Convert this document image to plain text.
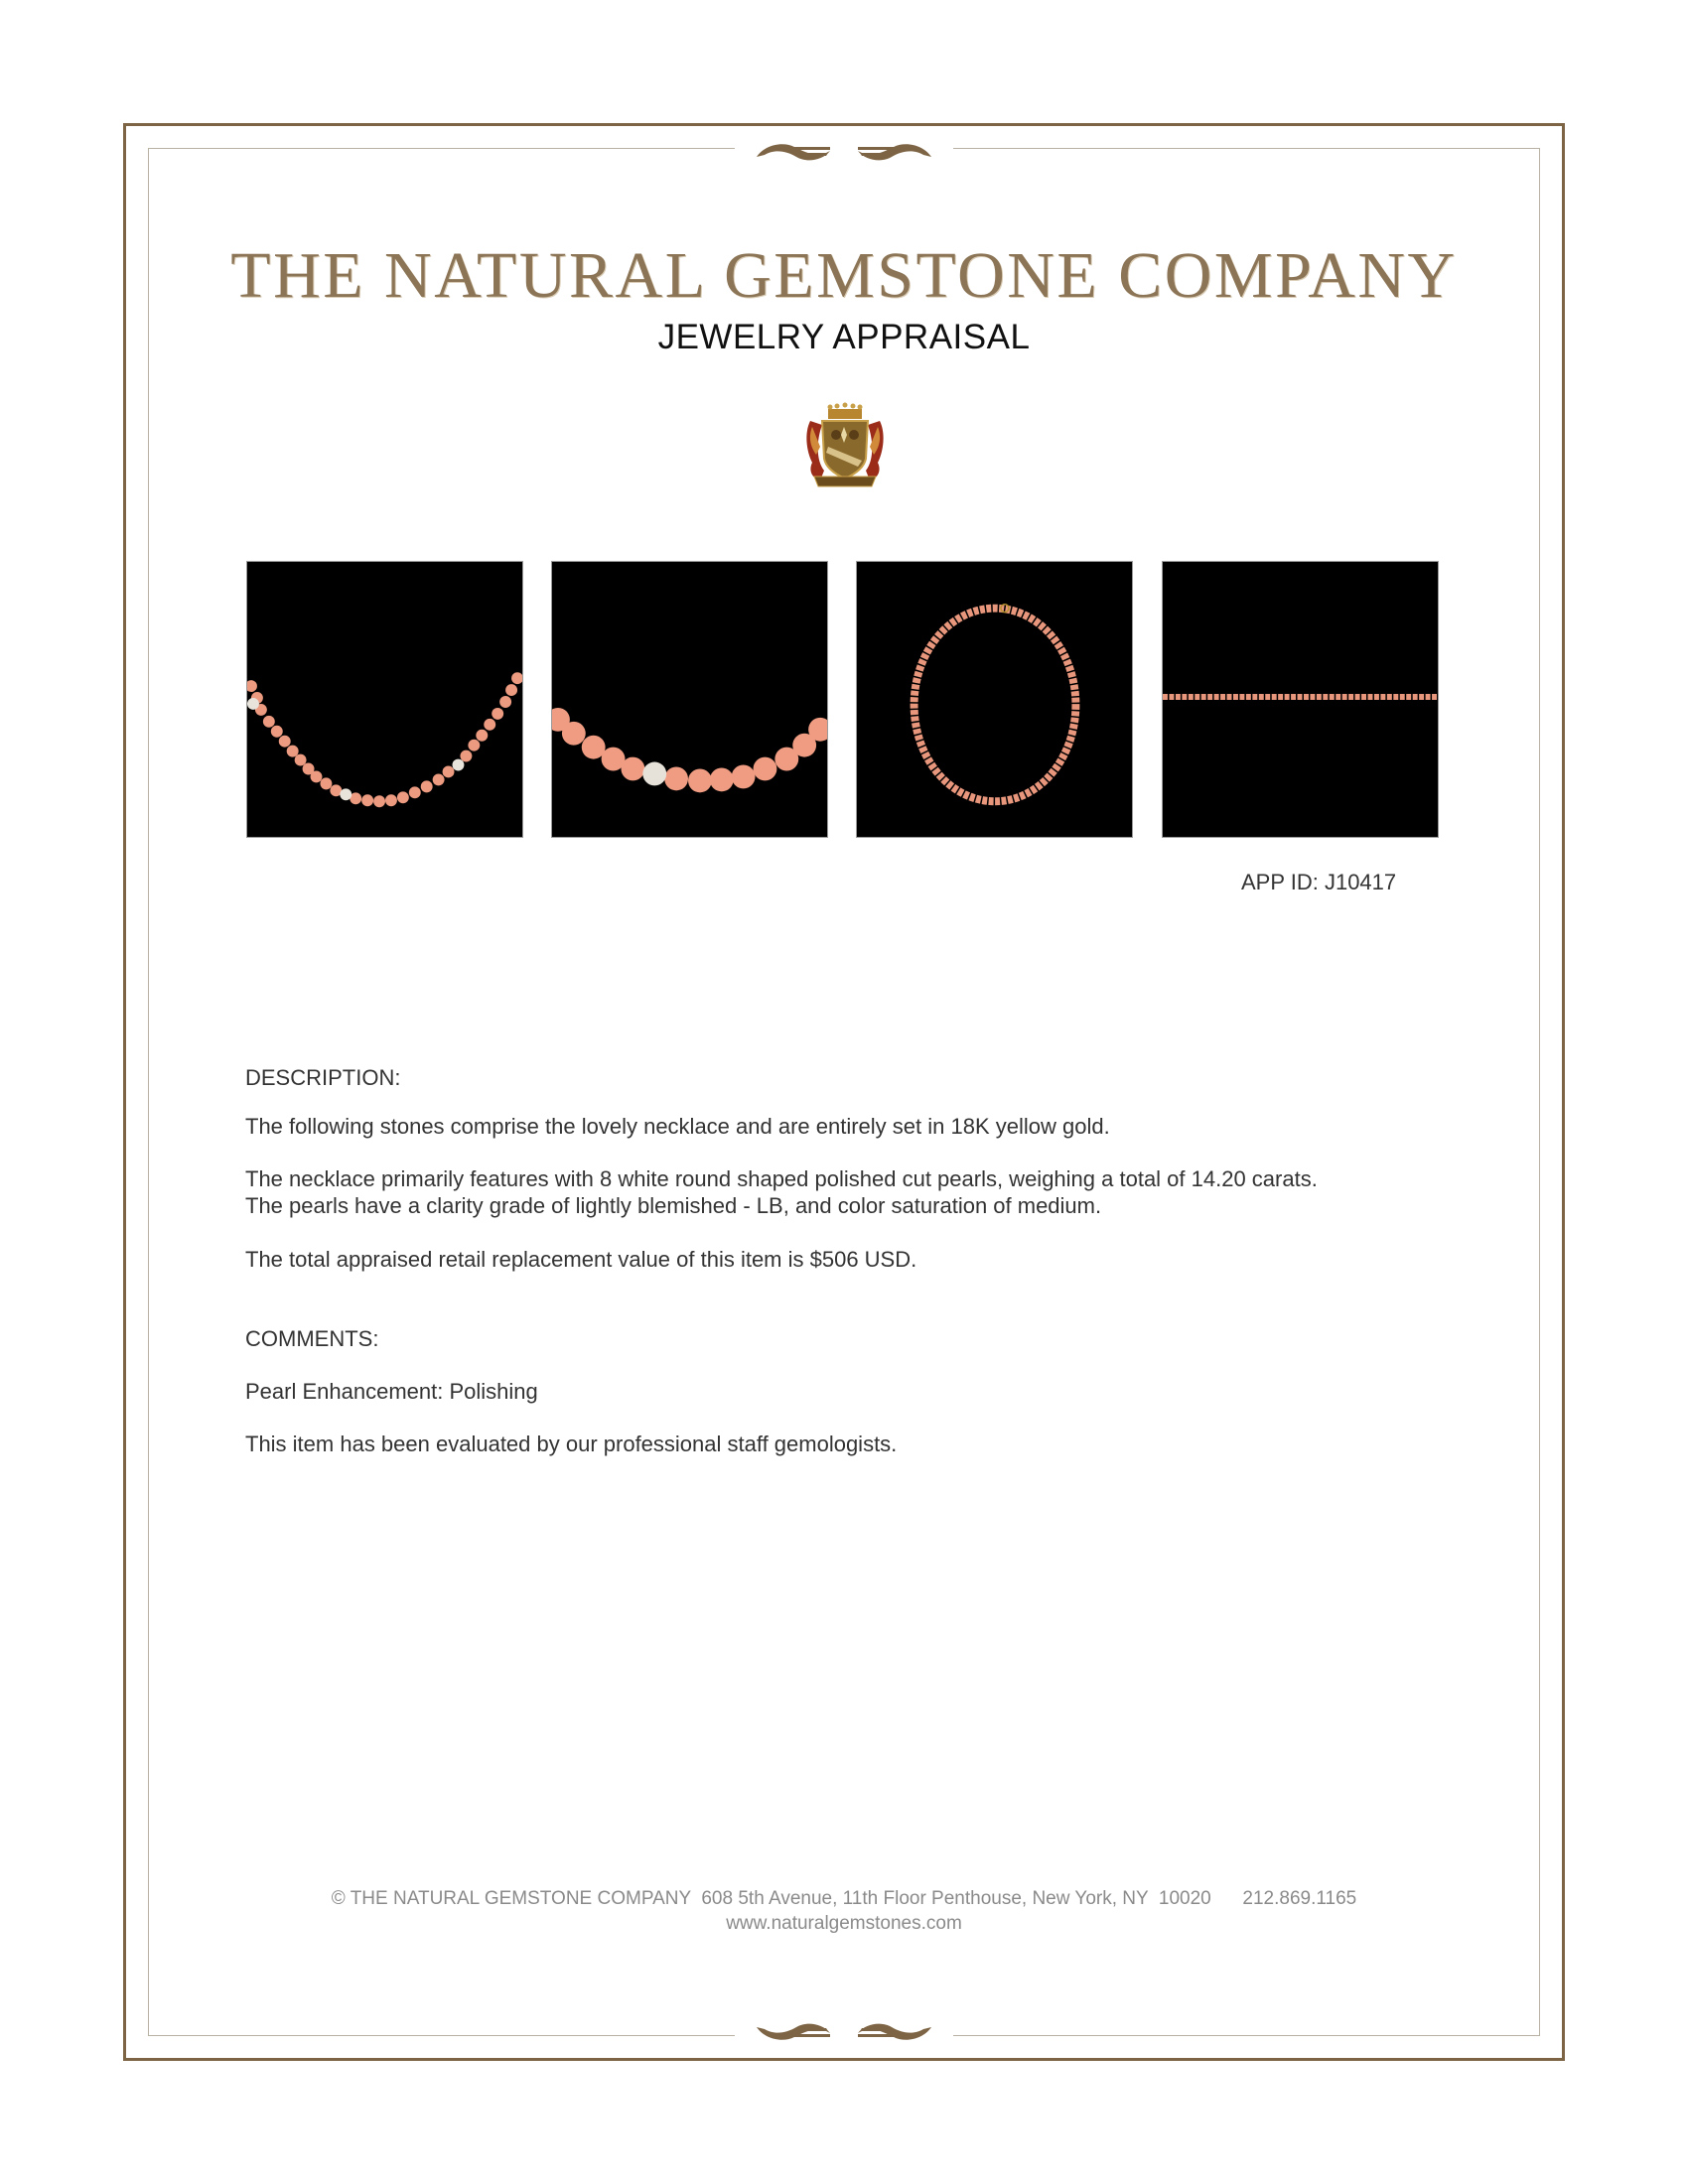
THE NATURAL GEMSTONE COMPANY
JEWELRY APPRAISAL
APP ID: J10417
DESCRIPTION:
The following stones comprise the lovely necklace and are entirely set in 18K yellow gold.
The necklace primarily features with 8 white round shaped polished cut pearls, weighing a total of 14.20 carats.
The pearls have a clarity grade of lightly blemished - LB, and color saturation of medium.
The total appraised retail replacement value of this item is $506 USD.
COMMENTS:
Pearl Enhancement: Polishing
This item has been evaluated by our professional staff gemologists.
© THE NATURAL GEMSTONE COMPANY  608 5th Avenue, 11th Floor Penthouse, New York, NY  10020      212.869.1165
www.naturalgemstones.com
